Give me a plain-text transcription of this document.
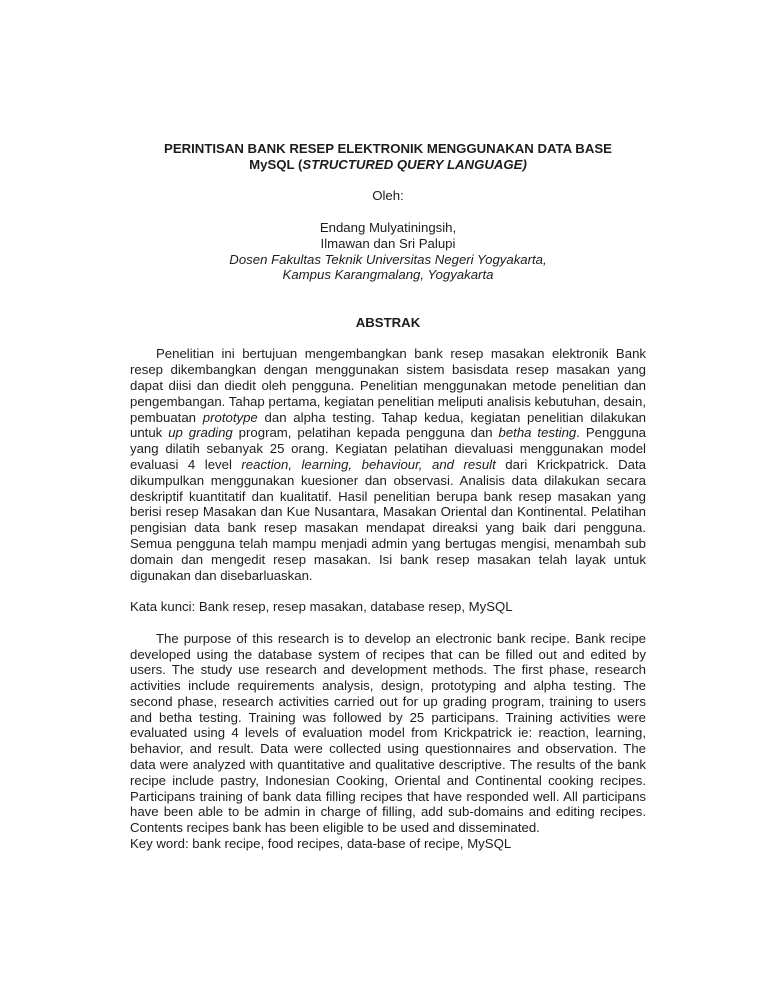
PERINTISAN BANK RESEP ELEKTRONIK MENGGUNAKAN DATA BASE
MySQL (STRUCTURED QUERY LANGUAGE)

Oleh:

Endang Mulyatiningsih,
Ilmawan dan Sri Palupi
Dosen Fakultas Teknik Universitas Negeri Yogyakarta,
Kampus Karangmalang, Yogyakarta

ABSTRAK

Penelitian ini bertujuan mengembangkan bank resep masakan elektronik Bank resep dikembangkan dengan menggunakan sistem basisdata resep masakan yang dapat diisi dan diedit oleh pengguna. Penelitian menggunakan metode penelitian dan pengembangan. Tahap pertama, kegiatan penelitian meliputi analisis kebutuhan, desain, pembuatan prototype dan alpha testing. Tahap kedua, kegiatan penelitian dilakukan untuk up grading program, pelatihan kepada pengguna dan betha testing. Pengguna yang dilatih sebanyak 25 orang. Kegiatan pelatihan dievaluasi menggunakan model evaluasi 4 level reaction, learning, behaviour, and result dari Krickpatrick. Data dikumpulkan menggunakan kuesioner dan observasi. Analisis data dilakukan secara deskriptif kuantitatif dan kualitatif. Hasil penelitian berupa bank resep masakan yang berisi resep Masakan dan Kue Nusantara, Masakan Oriental dan Kontinental. Pelatihan pengisian data bank resep masakan mendapat direaksi yang baik dari pengguna. Semua pengguna telah mampu menjadi admin yang bertugas mengisi, menambah sub domain dan mengedit resep masakan. Isi bank resep masakan telah layak untuk digunakan dan disebarluaskan.

Kata kunci: Bank resep, resep masakan, database resep, MySQL

The purpose of this research is to develop an electronic bank recipe. Bank recipe developed using the database system of recipes that can be filled out and edited by users. The study use research and development methods. The first phase, research activities include requirements analysis, design, prototyping and alpha testing. The second phase, research activities carried out for up grading program, training to users and betha testing. Training was followed by 25 participans. Training activities were evaluated using 4 levels of evaluation model from Krickpatrick ie: reaction, learning, behavior, and result. Data were collected using questionnaires and observation. The data were analyzed with quantitative and qualitative descriptive. The results of the bank recipe include pastry, Indonesian Cooking, Oriental and Continental cooking recipes. Participans training of bank data filling recipes that have responded well. All participans have been able to be admin in charge of filling, add sub-domains and editing recipes. Contents recipes bank has been eligible to be used and disseminated.

Key word: bank recipe, food recipes, data-base of recipe, MySQL
